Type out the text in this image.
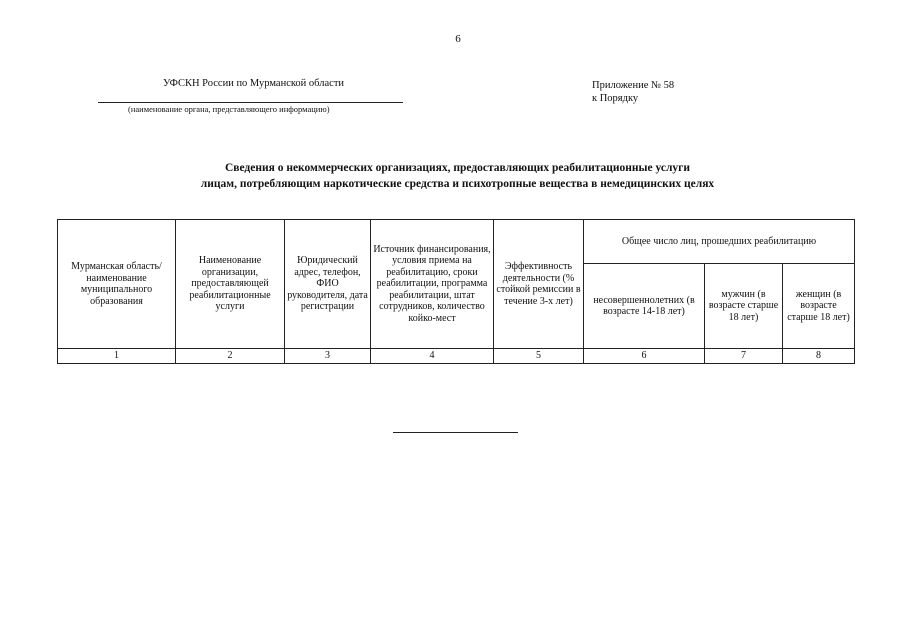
6
УФСКН России по Мурманской области
(наименование органа, представляющего информацию)
Приложение № 58
к Порядку
Сведения о некоммерческих организациях, предоставляющих реабилитационные услуги
лицам, потребляющим наркотические средства и психотропные вещества в немедицинских целях
Мурманская область/ наименование муниципального образования	Наименование организации, предоставляющей реабилитационные услуги	Юридический адрес, телефон, ФИО руководителя, дата регистрации	Источник финансирования, условия приема на реабилитацию, сроки реабилитации, программа реабилитации, штат сотрудников, количество койко-мест	Эффективность деятельности (% стойкой ремиссии в течение 3-х лет)	Общее число лиц, прошедших реабилитацию		
					несовершеннолетних (в возрасте 14-18 лет)	мужчин (в возрасте старше 18 лет)	женщин (в возрасте старше 18 лет)
1	2	3	4	5	6	7	8
